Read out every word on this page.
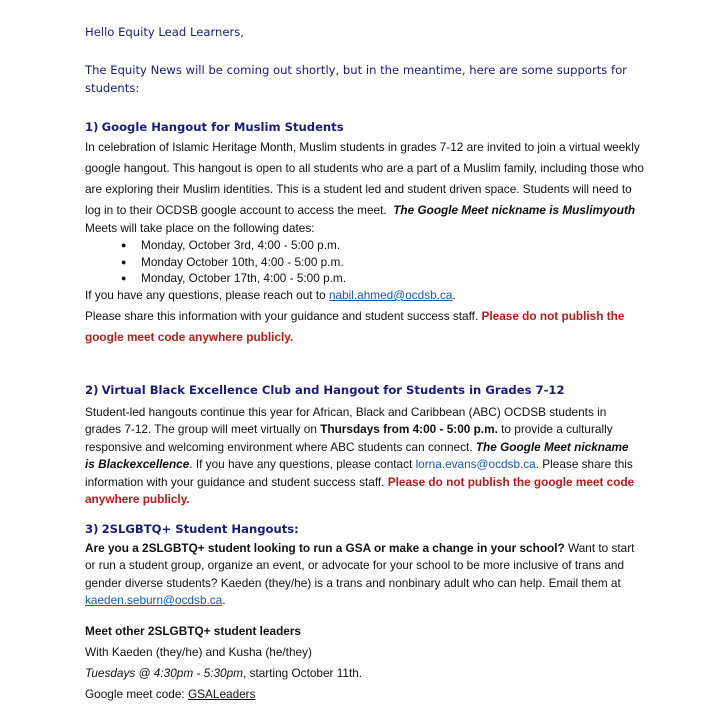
Hello Equity Lead Learners,

The Equity News will be coming out shortly, but in the meantime, here are some supports for students:

1) Google Hangout for Muslim Students

In celebration of Islamic Heritage Month, Muslim students in grades 7-12 are invited to join a virtual weekly google hangout. This hangout is open to all students who are a part of a Muslim family, including those who are exploring their Muslim identities. This is a student led and student driven space. Students will need to log in to their OCDSB google account to access the meet. The Google Meet nickname is Muslimyouth

Meets will take place on the following dates:

● Monday, October 3rd, 4:00 - 5:00 p.m.
● Monday October 10th, 4:00 - 5:00 p.m.
● Monday, October 17th, 4:00 - 5:00 p.m.

If you have any questions, please reach out to nabil.ahmed@ocdsb.ca.

Please share this information with your guidance and student success staff. Please do not publish the google meet code anywhere publicly.

2) Virtual Black Excellence Club and Hangout for Students in Grades 7-12

Student-led hangouts continue this year for African, Black and Caribbean (ABC) OCDSB students in grades 7-12. The group will meet virtually on Thursdays from 4:00 - 5:00 p.m. to provide a culturally responsive and welcoming environment where ABC students can connect. The Google Meet nickname is Blackexcellence. If you have any questions, please contact lorna.evans@ocdsb.ca. Please share this information with your guidance and student success staff. Please do not publish the google meet code anywhere publicly.

3) 2SLGBTQ+ Student Hangouts:

Are you a 2SLGBTQ+ student looking to run a GSA or make a change in your school? Want to start or run a student group, organize an event, or advocate for your school to be more inclusive of trans and gender diverse students? Kaeden (they/he) is a trans and nonbinary adult who can help. Email them at kaeden.seburn@ocdsb.ca.

Meet other 2SLGBTQ+ student leaders

With Kaeden (they/he) and Kusha (he/they)

Tuesdays @ 4:30pm - 5:30pm, starting October 11th.

Google meet code: GSALeaders
